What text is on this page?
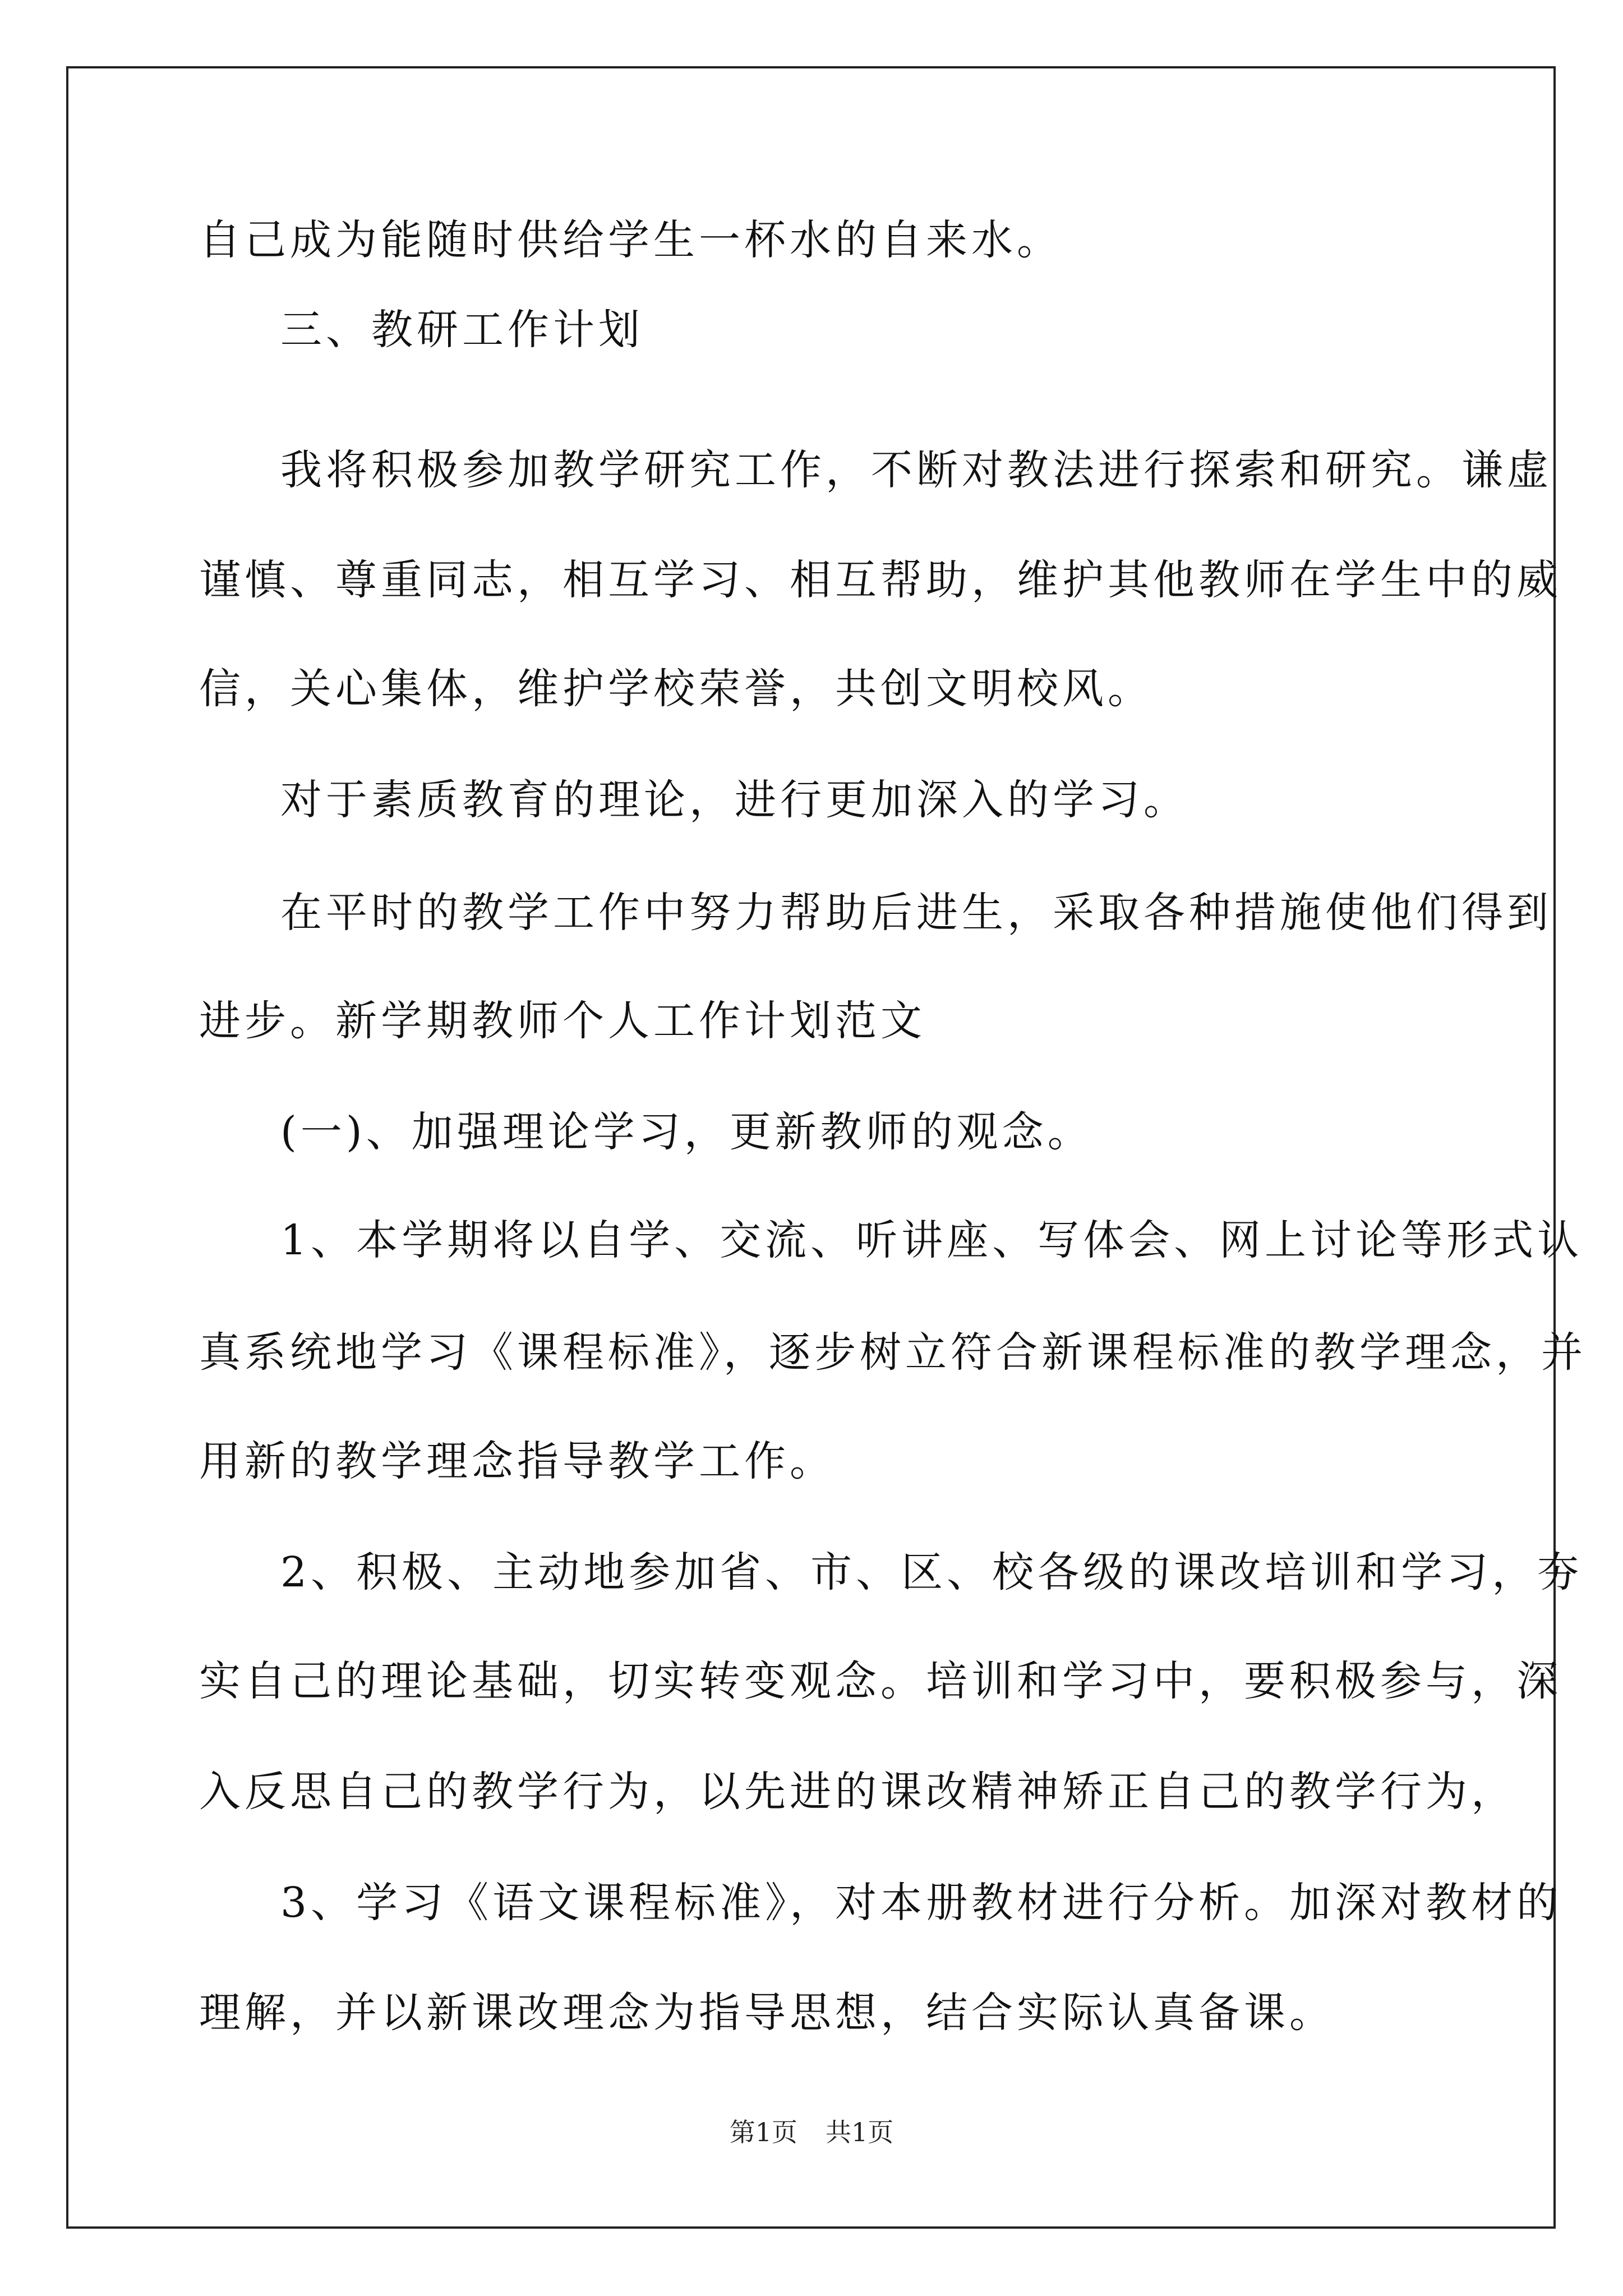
自己成为能随时供给学生一杯水的自来水。
三、教研工作计划
我将积极参加教学研究工作，不断对教法进行探索和研究。谦虚
谨慎、尊重同志，相互学习、相互帮助，维护其他教师在学生中的威
信，关心集体，维护学校荣誉，共创文明校风。
对于素质教育的理论，进行更加深入的学习。
在平时的教学工作中努力帮助后进生，采取各种措施使他们得到
进步。新学期教师个人工作计划范文
(一)、加强理论学习，更新教师的观念。
1、本学期将以自学、交流、听讲座、写体会、网上讨论等形式认
真系统地学习《课程标准》，逐步树立符合新课程标准的教学理念，并
用新的教学理念指导教学工作。
2、积极、主动地参加省、市、区、校各级的课改培训和学习，夯
实自己的理论基础，切实转变观念。培训和学习中，要积极参与，深
入反思自己的教学行为，以先进的课改精神矫正自己的教学行为，
3、学习《语文课程标准》，对本册教材进行分析。加深对教材的
理解，并以新课改理念为指导思想，结合实际认真备课。
第1页 共1页
